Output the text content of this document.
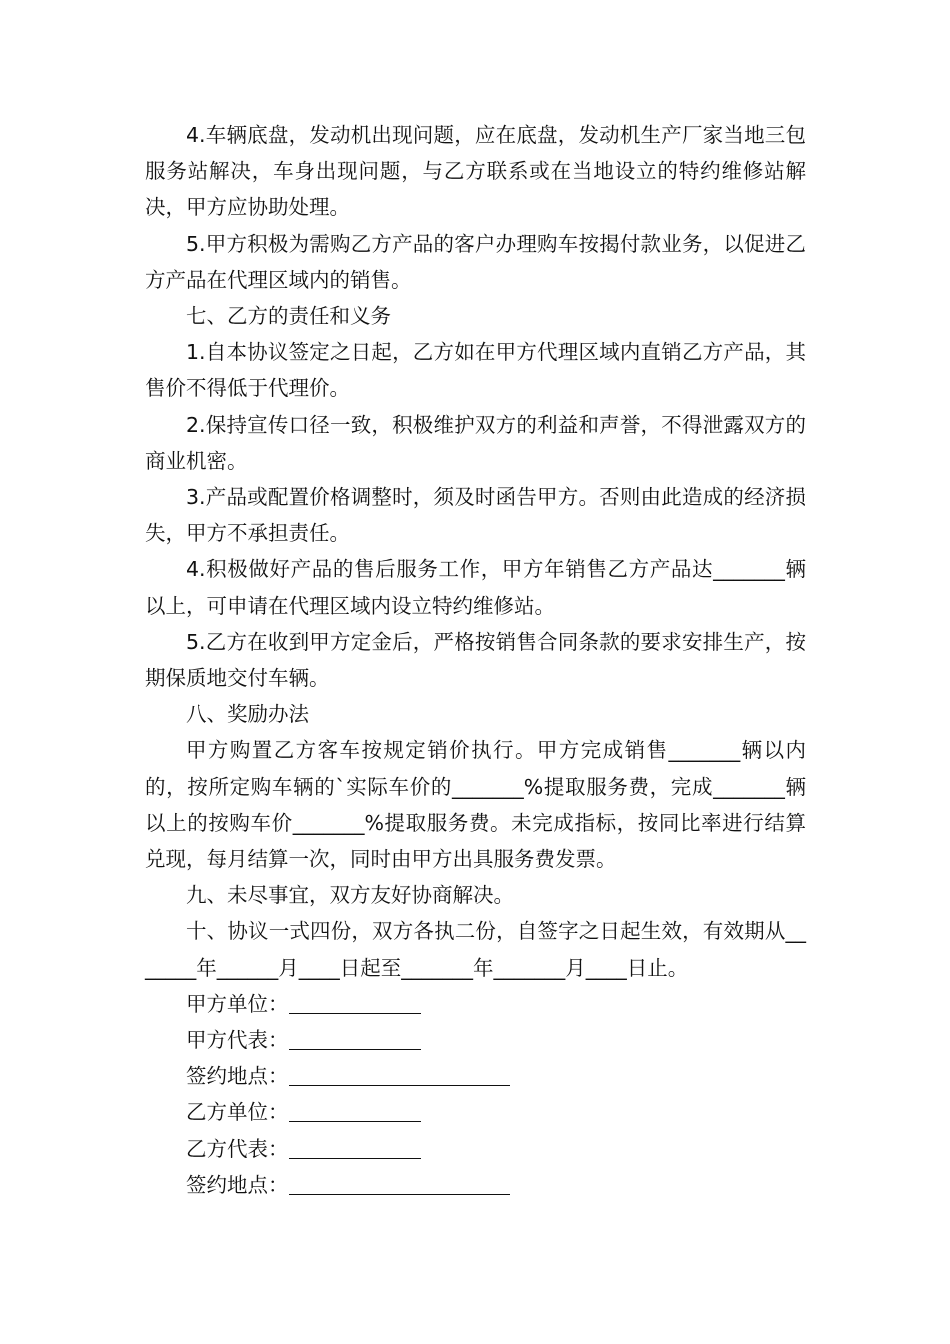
4.车辆底盘，发动机出现问题，应在底盘，发动机生产厂家当地三包服务站解决，车身出现问题，与乙方联系或在当地设立的特约维修站解决，甲方应协助处理。

5.甲方积极为需购乙方产品的客户办理购车按揭付款业务，以促进乙方产品在代理区域内的销售。

七、乙方的责任和义务

1.自本协议签定之日起，乙方如在甲方代理区域内直销乙方产品，其售价不得低于代理价。

2.保持宣传口径一致，积极维护双方的利益和声誉，不得泄露双方的商业机密。

3.产品或配置价格调整时，须及时函告甲方。否则由此造成的经济损失，甲方不承担责任。

4.积极做好产品的售后服务工作，甲方年销售乙方产品达_______辆以上，可申请在代理区域内设立特约维修站。

5.乙方在收到甲方定金后，严格按销售合同条款的要求安排生产，按期保质地交付车辆。

八、奖励办法

甲方购置乙方客车按规定销价执行。甲方完成销售_______辆以内的，按所定购车辆的`实际车价的_______%提取服务费，完成_______辆以上的按购车价_______%提取服务费。未完成指标，按同比率进行结算兑现，每月结算一次，同时由甲方出具服务费发票。

九、未尽事宜，双方友好协商解决。

十、协议一式四份，双方各执二份，自签字之日起生效，有效期从_______年______月____日起至_______年_______月____日止。

甲方单位：
甲方代表：
签约地点：
乙方单位：
乙方代表：
签约地点：
